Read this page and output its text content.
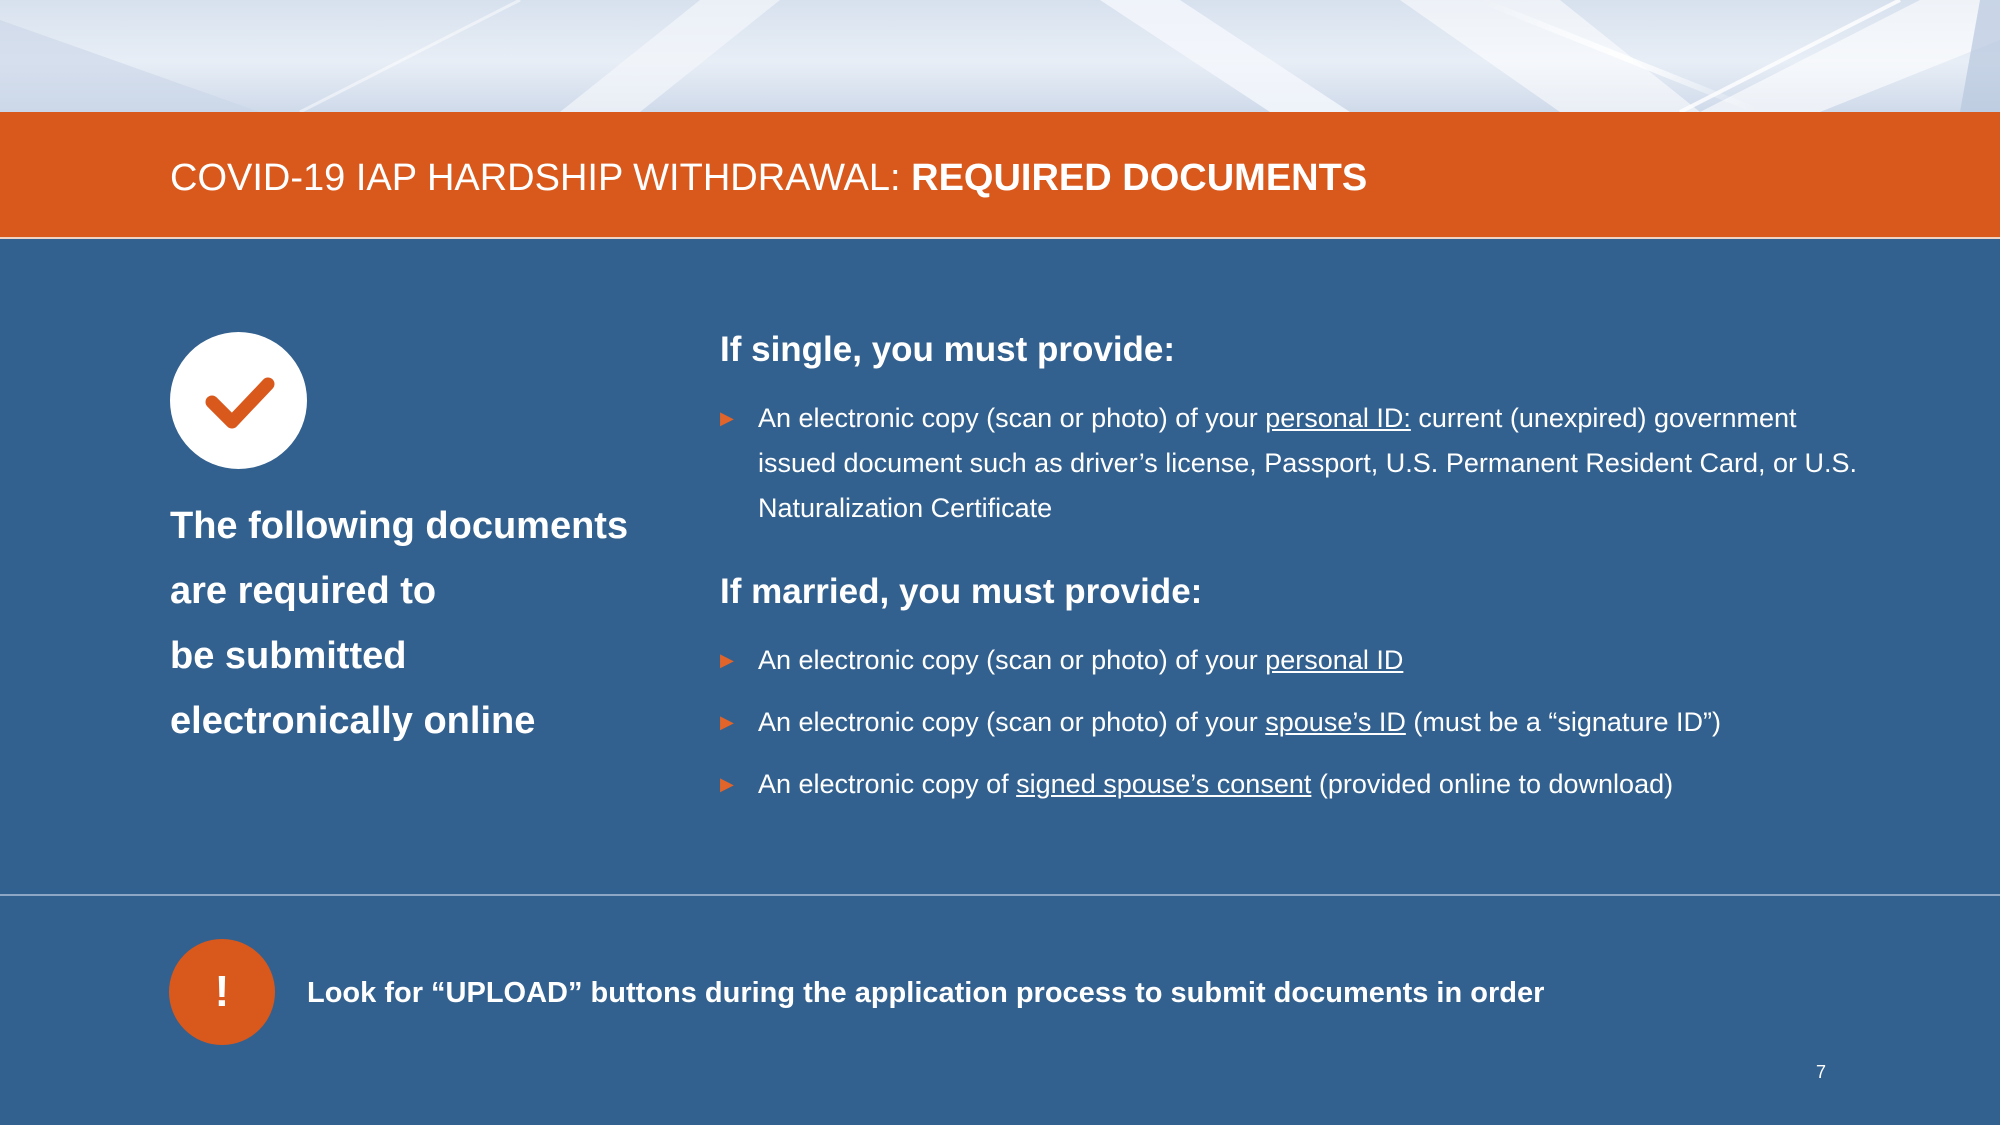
COVID-19 IAP HARDSHIP WITHDRAWAL: REQUIRED DOCUMENTS
The following documents
are required to
be submitted
electronically online
If single, you must provide:
▶ An electronic copy (scan or photo) of your personal ID: current (unexpired) government issued document such as driver’s license, Passport, U.S. Permanent Resident Card, or U.S. Naturalization Certificate
If married, you must provide:
▶ An electronic copy (scan or photo) of your personal ID
▶ An electronic copy (scan or photo) of your spouse’s ID (must be a “signature ID”)
▶ An electronic copy of signed spouse’s consent (provided online to download)
!	Look for “UPLOAD” buttons during the application process to submit documents in order
7
